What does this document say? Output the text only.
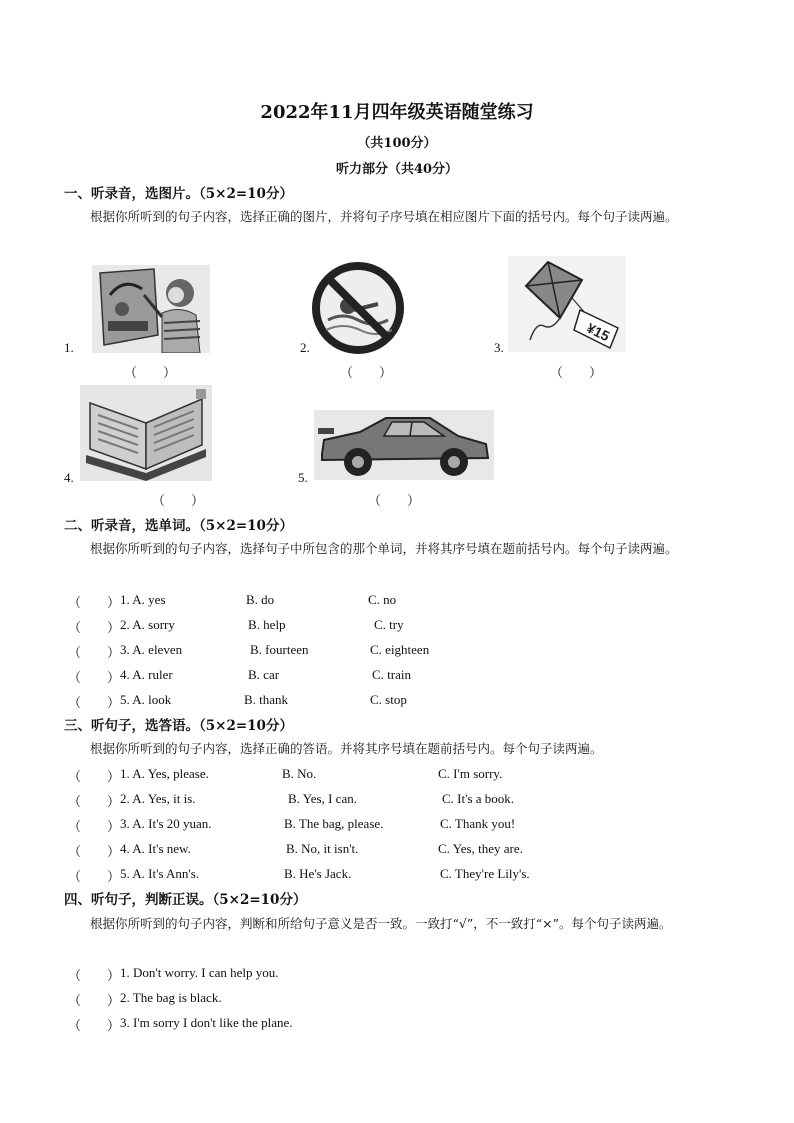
2022年11月四年级英语随堂练习
（共100分）
听力部分（共40分）
一、听录音，选图片。（5×2=10分）
根据你所听到的句子内容，选择正确的图片，并将句子序号填在相应图片下面的括号内。每个句子读两遍。
1.
（　　）
2.
（　　）
3.
¥15
（　　）
4.
（　　）
5.
（　　）
二、听录音，选单词。（5×2=10分）
根据你所听到的句子内容，选择句子中所包含的那个单词，并将其序号填在题前括号内。每个句子读两遍。
（　　） 1. A. yes	B. do	C. no
（　　） 2. A. sorry	B. help	C. try
（　　） 3. A. eleven	B. fourteen	C. eighteen
（　　） 4. A. ruler	B. car	C. train
（　　） 5. A. look	B. thank	C. stop
三、听句子，选答语。（5×2=10分）
根据你所听到的句子内容，选择正确的答语。并将其序号填在题前括号内。每个句子读两遍。
（　　） 1. A. Yes, please.	B. No.	C. I'm sorry.
（　　） 2. A. Yes, it is.	B. Yes, I can.	C. It's a book.
（　　） 3. A. It's 20 yuan.	B. The bag, please.	C. Thank you!
（　　） 4. A. It's new.	B. No, it isn't.	C. Yes, they are.
（　　） 5. A. It's Ann's.	B. He's Jack.	C. They're Lily's.
四、听句子，判断正误。（5×2=10分）
根据你所听到的句子内容，判断和所给句子意义是否一致。一致打“√”，不一致打“×”。每个句子读两遍。
（　　） 1. Don't worry. I can help you.
（　　） 2. The bag is black.
（　　） 3. I'm sorry I don't like the plane.
